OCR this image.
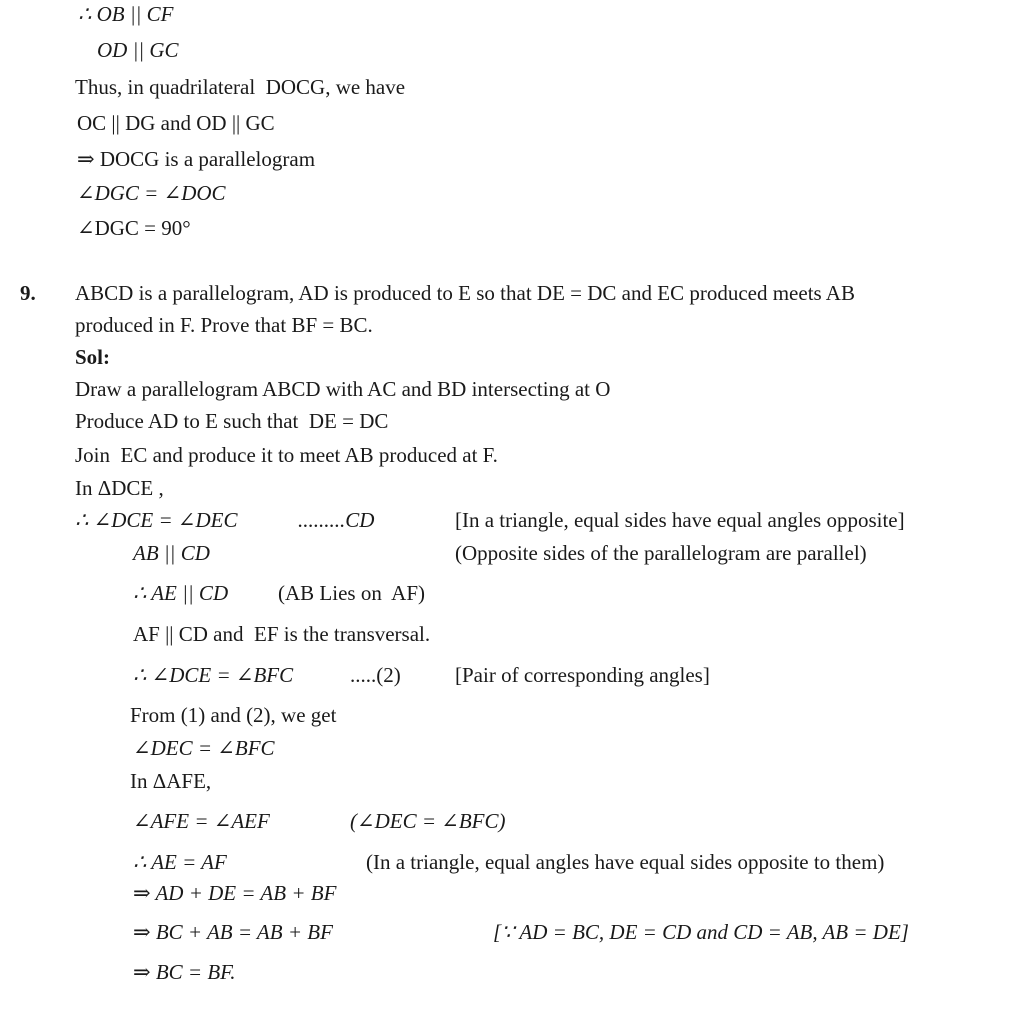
∴ OB || CF
OD || GC
Thus, in quadrilateral  DOCG, we have
OC || DG and OD || GC
⇒ DOCG is a parallelogram
∠DGC = ∠DOC
∠DGC = 90°
9. ABCD is a parallelogram, AD is produced to E so that DE = DC and EC produced meets AB
produced in F. Prove that BF = BC.
Sol:
Draw a parallelogram ABCD with AC and BD intersecting at O
Produce AD to E such that  DE = DC
Join  EC and produce it to meet AB produced at F.
In ΔDCE ,
∴ ∠DCE = ∠DEC	.........CD	[In a triangle, equal sides have equal angles opposite]
AB || CD	(Opposite sides of the parallelogram are parallel)
∴ AE || CD (AB Lies on  AF)
AF || CD and  EF is the transversal.
∴ ∠DCE = ∠BFC	.....(2)	[Pair of corresponding angles]
From (1) and (2), we get
∠DEC = ∠BFC
In ΔAFE,
∠AFE = ∠AEF	(∠DEC = ∠BFC)
∴ AE = AF	(In a triangle, equal angles have equal sides opposite to them)
⇒ AD + DE = AB + BF
⇒ BC + AB = AB + BF	[∵ AD = BC, DE = CD and CD = AB, AB = DE]
⇒ BC = BF.
